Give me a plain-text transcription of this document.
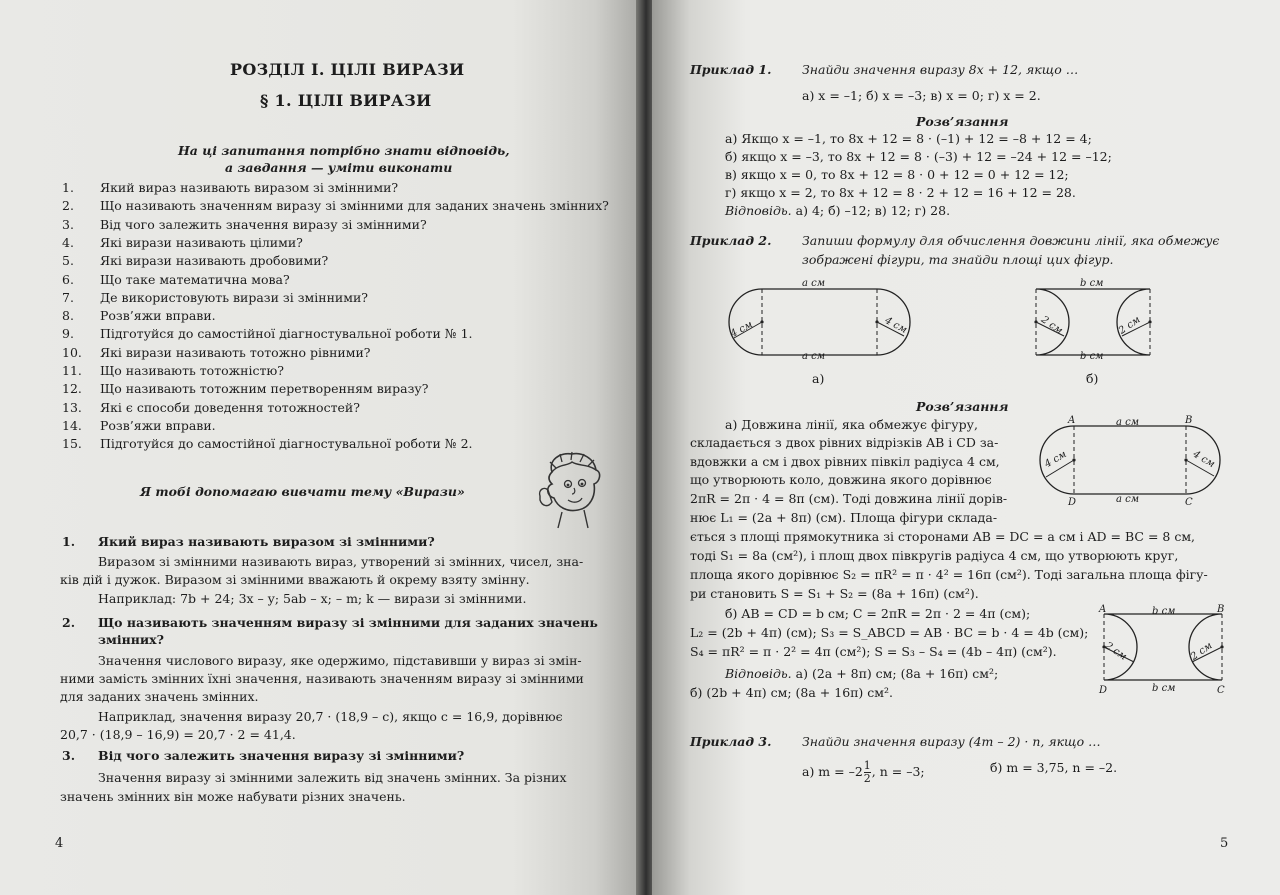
РОЗДІЛ І. ЦІЛІ ВИРАЗИ
§ 1. ЦІЛІ ВИРАЗИ
На ці запитання потрібно знати відповідь,
а завдання — уміти виконати
1. Який вираз називають виразом зі змінними?
2. Що називають значенням виразу зі змінними для заданих значень змінних?
3. Від чого залежить значення виразу зі змінними?
4. Які вирази називають цілими?
5. Які вирази називають дробовими?
6. Що таке математична мова?
7. Де використовують вирази зі змінними?
8. Розв’яжи вправи.
9. Підготуйся до самостійної діагностувальної роботи № 1.
10. Які вирази називають тотожно рівними?
11. Що називають тотожністю?
12. Що називають тотожним перетворенням виразу?
13. Які є способи доведення тотожностей?
14. Розв’яжи вправи.
15. Підготуйся до самостійної діагностувальної роботи № 2.
Я тобі допомагаю вивчати тему «Вирази»
1. Який вираз називають виразом зі змінними?
Виразом зі змінними називають вираз, утворений зі змінних, чисел, зна-
ків дій і дужок. Виразом зі змінними вважають й окрему взяту змінну.
Наприклад: 7b + 24; 3x – y; 5ab – x; – m; k — вирази зі змінними.
2. Що називають значенням виразу зі змінними для заданих значень
змінних?
Значення числового виразу, яке одержимо, підставивши у вираз зі змін-
ними замість змінних їхні значення, називають значенням виразу зі змінними
для заданих значень змінних.
Наприклад, значення виразу 20,7 · (18,9 – c), якщо c = 16,9, дорівнює
20,7 · (18,9 – 16,9) = 20,7 · 2 = 41,4.
3. Від чого залежить значення виразу зі змінними?
Значення виразу зі змінними залежить від значень змінних. За різних
значень змінних він може набувати різних значень.
4
Приклад 1. Знайди значення виразу 8x + 12, якщо …
а) x = –1; б) x = –3; в) x = 0; г) x = 2.
Розв’язання
а) Якщо x = –1, то 8x + 12 = 8 · (–1) + 12 = –8 + 12 = 4;
б) якщо x = –3, то 8x + 12 = 8 · (–3) + 12 = –24 + 12 = –12;
в) якщо x = 0, то 8x + 12 = 8 · 0 + 12 = 0 + 12 = 12;
г) якщо x = 2, то 8x + 12 = 8 · 2 + 12 = 16 + 12 = 28.
Відповідь. а) 4; б) –12; в) 12; г) 28.
Приклад 2. Запиши формулу для обчислення довжини лінії, яка обмежує
зображені фігури, та знайди площі цих фігур.
а см
а см
4 см	4 см
а)
b см
b см
2 см	2 см
б)
Розв’язання
а) Довжина лінії, яка обмежує фігуру,
складається з двох рівних відрізків AB і CD за-
вдовжки a см і двох рівних півкіл радіуса 4 см,
що утворюють коло, довжина якого дорівнює
2πR = 2π · 4 = 8π (см). Тоді довжина лінії дорів-
нює L₁ = (2a + 8π) (см). Площа фігури склада-
ється з площі прямокутника зі сторонами AB = DC = a см і AD = BC = 8 см,
тоді S₁ = 8a (см²), і площ двох півкругів радіуса 4 см, що утворюють круг,
площа якого дорівнює S₂ = πR² = π · 4² = 16π (см²). Тоді загальна площа фігу-
ри становить S = S₁ + S₂ = (8a + 16π) (см²).
A	B
D	C
а см
а см
4 см	4 см
б) AB = CD = b см; C = 2πR = 2π · 2 = 4π (см);
L₂ = (2b + 4π) (см); S₃ = S_ABCD = AB · BC = b · 4 = 4b (см);
S₄ = πR² = π · 2² = 4π (см²); S = S₃ – S₄ = (4b – 4π) (см²).
Відповідь. а) (2a + 8π) см; (8a + 16π) см²;
б) (2b + 4π) см; (8a + 16π) см².
A	B
D	C
b см
b см
2 см	2 см
Приклад 3. Знайди значення виразу (4m – 2) · n, якщо …
а) $m = -2 \frac{1}{2}$ , n = –3;	б) m = 3,75, n = –2.
5
